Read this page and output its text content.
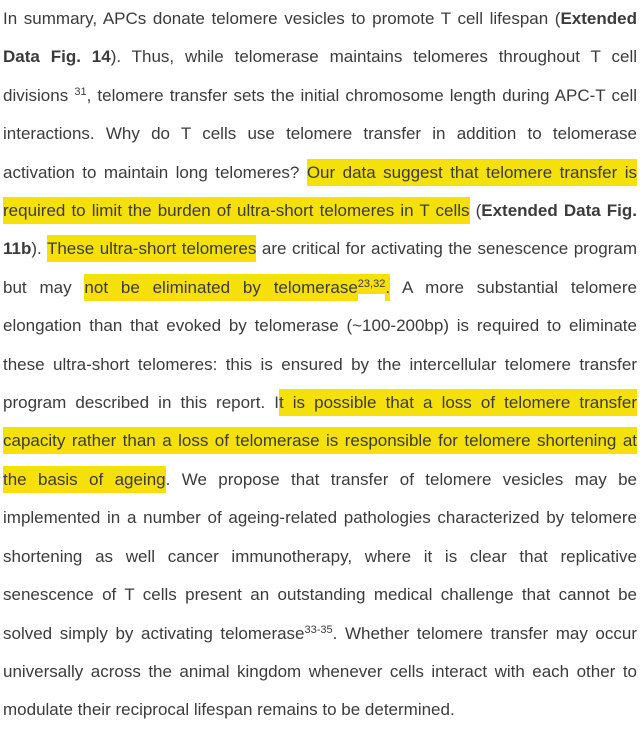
In summary, APCs donate telomere vesicles to promote T cell lifespan (Extended Data Fig. 14). Thus, while telomerase maintains telomeres throughout T cell divisions $^{31}$, telomere transfer sets the initial chromosome length during APC-T cell interactions. Why do T cells use telomere transfer in addition to telomerase activation to maintain long telomeres? Our data suggest that telomere transfer is required to limit the burden of ultra-short telomeres in T cells (Extended Data Fig. 11b). These ultra-short telomeres are critical for activating the senescence program but may not be eliminated by telomerase$^{23,32}$. A more substantial telomere elongation than that evoked by telomerase (~100-200bp) is required to eliminate these ultra-short telomeres: this is ensured by the intercellular telomere transfer program described in this report. It is possible that a loss of telomere transfer capacity rather than a loss of telomerase is responsible for telomere shortening at the basis of ageing. We propose that transfer of telomere vesicles may be implemented in a number of ageing-related pathologies characterized by telomere shortening as well cancer immunotherapy, where it is clear that replicative senescence of T cells present an outstanding medical challenge that cannot be solved simply by activating telomerase$^{33-35}$. Whether telomere transfer may occur universally across the animal kingdom whenever cells interact with each other to modulate their reciprocal lifespan remains to be determined.
